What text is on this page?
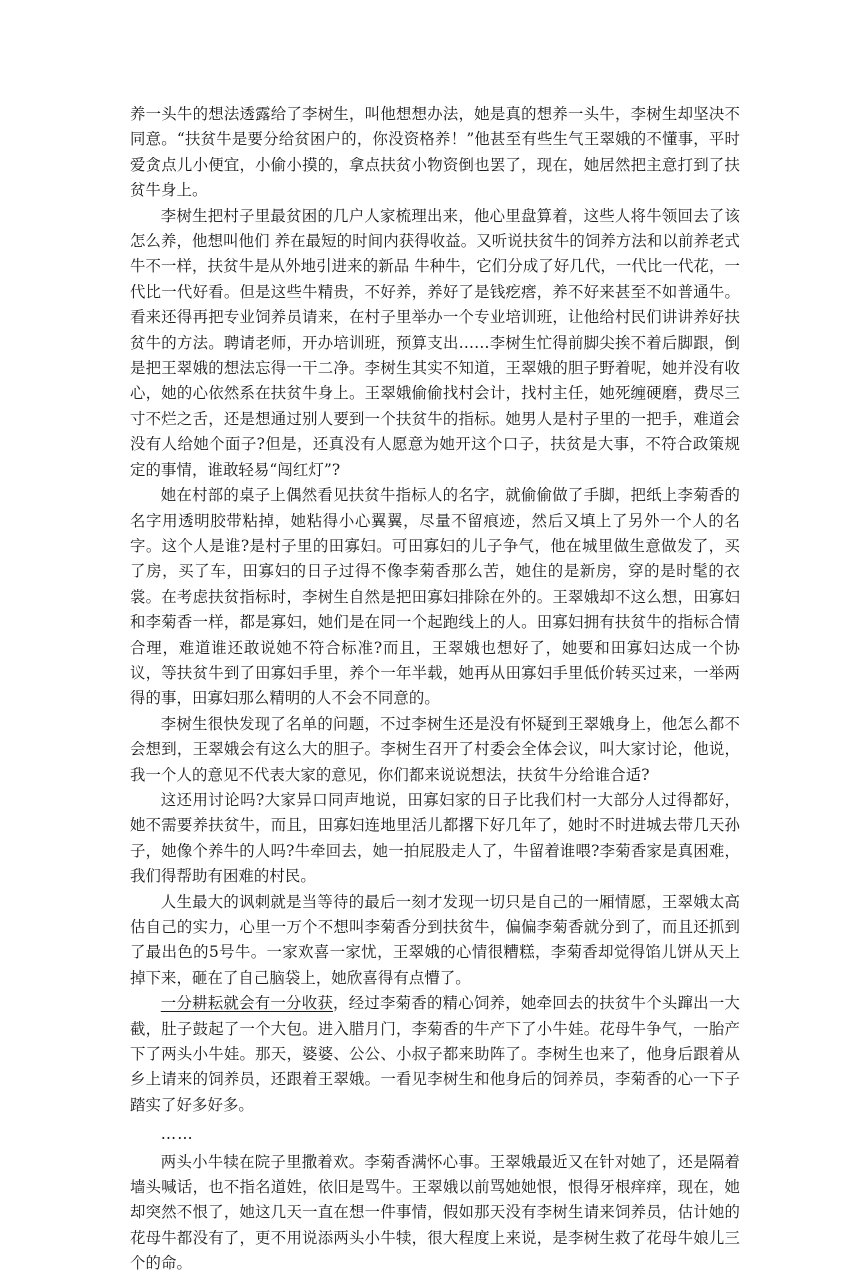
养一头牛的想法透露给了李树生，叫他想想办法，她是真的想养一头牛，李树生却坚决不同意。“扶贫牛是要分给贫困户的，你没资格养！”他甚至有些生气王翠娥的不懂事，平时爱贪点儿小便宜，小偷小摸的，拿点扶贫小物资倒也罢了，现在，她居然把主意打到了扶贫牛身上。

李树生把村子里最贫困的几户人家梳理出来，他心里盘算着，这些人将牛领回去了该怎么养，他想叫他们 养在最短的时间内获得收益。又听说扶贫牛的饲养方法和以前养老式牛不一样，扶贫牛是从外地引进来的新品 牛种牛，它们分成了好几代，一代比一代花，一代比一代好看。但是这些牛精贵，不好养，养好了是钱疙瘩，养不好来甚至不如普通牛。看来还得再把专业饲养员请来，在村子里举办一个专业培训班，让他给村民们讲讲养好扶贫牛的方法。聘请老师，开办培训班，预算支出……李树生忙得前脚尖挨不着后脚跟，倒是把王翠娥的想法忘得一干二净。李树生其实不知道，王翠娥的胆子野着呢，她并没有收心，她的心依然系在扶贫牛身上。王翠娥偷偷找村会计，找村主任，她死缠硬磨，费尽三寸不烂之舌，还是想通过别人要到一个扶贫牛的指标。她男人是村子里的一把手，难道会没有人给她个面子?但是，还真没有人愿意为她开这个口子，扶贫是大事，不符合政策规定的事情，谁敢轻易“闯红灯”?

她在村部的桌子上偶然看见扶贫牛指标人的名字，就偷偷做了手脚，把纸上李菊香的名字用透明胶带粘掉，她粘得小心翼翼，尽量不留痕迹，然后又填上了另外一个人的名字。这个人是谁?是村子里的田寡妇。可田寡妇的儿子争气，他在城里做生意做发了，买了房，买了车，田寡妇的日子过得不像李菊香那么苦，她住的是新房，穿的是时髦的衣裳。在考虑扶贫指标时，李树生自然是把田寡妇排除在外的。王翠娥却不这么想，田寡妇和李菊香一样，都是寡妇，她们是在同一个起跑线上的人。田寡妇拥有扶贫牛的指标合情合理，难道谁还敢说她不符合标准?而且，王翠娥也想好了，她要和田寡妇达成一个协议，等扶贫牛到了田寡妇手里，养个一年半载，她再从田寡妇手里低价转买过来，一举两得的事，田寡妇那么精明的人不会不同意的。

李树生很快发现了名单的问题，不过李树生还是没有怀疑到王翠娥身上，他怎么都不会想到，王翠娥会有这么大的胆子。李树生召开了村委会全体会议，叫大家讨论，他说，我一个人的意见不代表大家的意见，你们都来说说想法，扶贫牛分给谁合适?

这还用讨论吗?大家异口同声地说，田寡妇家的日子比我们村一大部分人过得都好，她不需要养扶贫牛，而且，田寡妇连地里活儿都撂下好几年了，她时不时进城去带几天孙子，她像个养牛的人吗?牛牵回去，她一拍屁股走人了，牛留着谁喂?李菊香家是真困难，我们得帮助有困难的村民。

人生最大的讽刺就是当等待的最后一刻才发现一切只是自己的一厢情愿，王翠娥太高估自己的实力，心里一万个不想叫李菊香分到扶贫牛，偏偏李菊香就分到了，而且还抓到了最出色的5号牛。一家欢喜一家忧，王翠娥的心情很糟糕，李菊香却觉得馅儿饼从天上掉下来，砸在了自己脑袋上，她欣喜得有点懵了。

一分耕耘就会有一分收获，经过李菊香的精心饲养，她牵回去的扶贫牛个头蹿出一大截，肚子鼓起了一个大包。进入腊月门，李菊香的牛产下了小牛娃。花母牛争气，一胎产下了两头小牛娃。那天，婆婆、公公、小叔子都来助阵了。李树生也来了，他身后跟着从乡上请来的饲养员，还跟着王翠娥。一看见李树生和他身后的饲养员，李菊香的心一下子踏实了好多好多。

……

两头小牛犊在院子里撒着欢。李菊香满怀心事。王翠娥最近又在针对她了，还是隔着墙头喊话，也不指名道姓，依旧是骂牛。王翠娥以前骂她她恨，恨得牙根痒痒，现在，她却突然不恨了，她这几天一直在想一件事情，假如那天没有李树生请来饲养员，估计她的花母牛都没有了，更不用说添两头小牛犊，很大程度上来说，是李树生救了花母牛娘儿三个的命。
